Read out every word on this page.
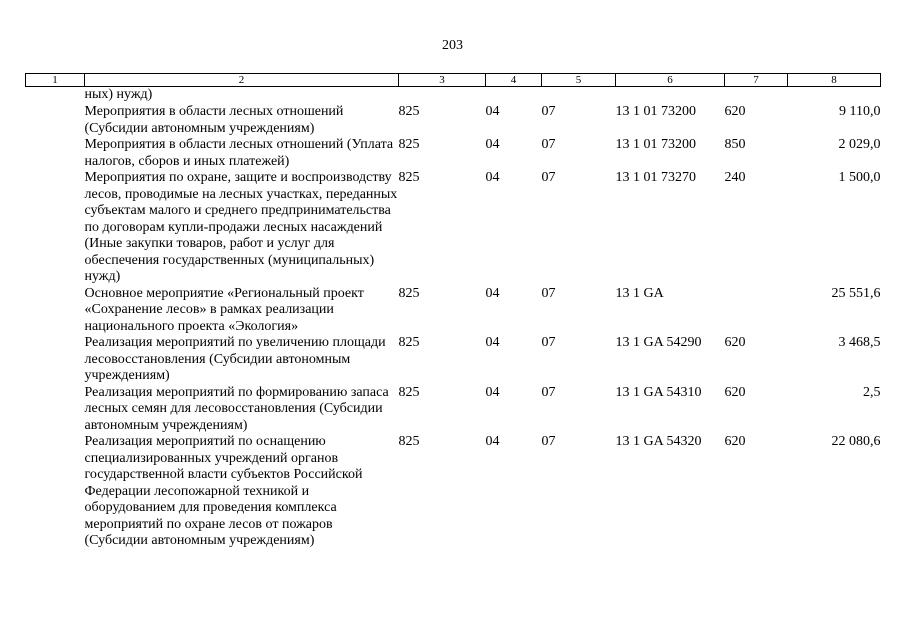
203
1	2	3	4	5	6	7	8
	ных) нужд)						
	Мероприятия в области лесных отношений (Субсидии автономным учреждениям)	825	04	07	13 1 01 73200	620	9 110,0
	Мероприятия в области лесных отношений (Уплата налогов, сборов и иных платежей)	825	04	07	13 1 01 73200	850	2 029,0
	Мероприятия по охране, защите и воспроизводству лесов, проводимые на лесных участках, переданных субъектам малого и среднего предпринимательства по договорам купли-продажи лесных насаждений (Иные закупки товаров, работ и услуг для обеспечения государственных (муниципальных) нужд)	825	04	07	13 1 01 73270	240	1 500,0
	Основное мероприятие «Региональный проект «Сохранение лесов» в рамках реализации национального проекта «Экология»	825	04	07	13 1 GA		25 551,6
	Реализация мероприятий по увеличению площади лесовосстановления (Субсидии автономным учреждениям)	825	04	07	13 1 GA 54290	620	3 468,5
	Реализация мероприятий по формированию запаса лесных семян для лесовосстановления (Субсидии автономным учреждениям)	825	04	07	13 1 GA 54310	620	2,5
	Реализация мероприятий по оснащению специализированных учреждений органов государственной власти субъектов Российской Федерации лесопожарной техникой и оборудованием для проведения комплекса мероприятий по охране лесов от пожаров (Субсидии автономным учреждениям)	825	04	07	13 1 GA 54320	620	22 080,6
